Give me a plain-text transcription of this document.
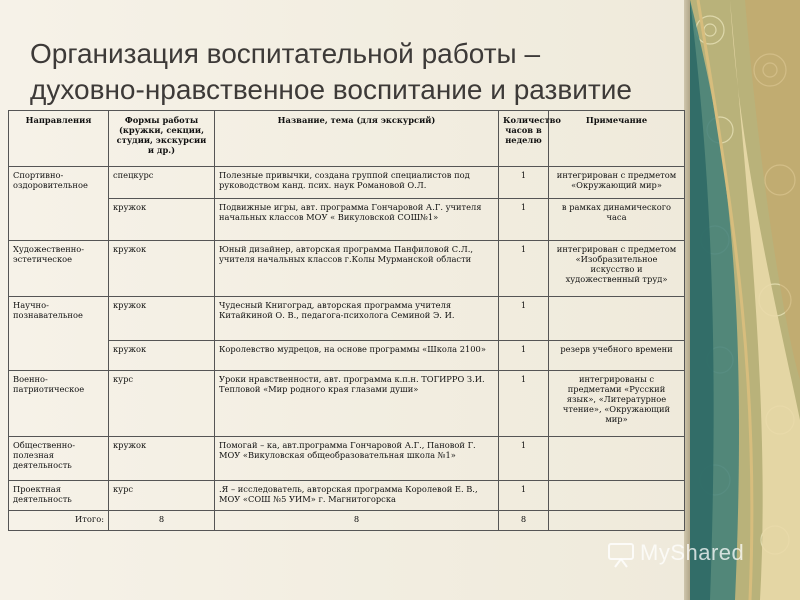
Организация воспитательной работы –
духовно-нравственное воспитание и развитие
Направления	Формы работы (кружки, секции, студии, экскурсии и др.)	Название, тема (для экскурсий)	Количество часов в неделю	Примечание
Спортивно-оздоровительное	спецкурс	Полезные привычки, создана группой специалистов под руководством канд. псих. наук Романовой О.Л.	1	интегрирован с предметом «Окружающий мир»
	кружок	Подвижные игры, авт. программа Гончаровой А.Г. учителя начальных классов МОУ « Викуловской СОШ№1»	1	в рамках динамического часа
Художественно-эстетическое	кружок	Юный дизайнер, авторская программа Панфиловой С.Л., учителя начальных классов г.Колы Мурманской области	1	интегрирован с предметом «Изобразительное искусство и художественный труд»
Научно-познавательное	кружок	Чудесный Книгоград, авторская программа учителя Китайкиной О. В., педагога-психолога Семиной Э. И.	1	
	кружок	Королевство мудрецов, на основе программы «Школа 2100»	1	резерв учебного времени
Военно-патриотическое	курс	Уроки нравственности, авт. программа к.п.н. ТОГИРРО З.И. Тепловой «Мир родного края глазами души»	1	интегрированы с предметами «Русский язык», «Литературное чтение», «Окружающий мир»
Общественно-полезная деятельность	кружок	Помогай – ка, авт.программа Гончаровой А.Г., Пановой Г. МОУ «Викуловская общеобразовательная школа №1»	1	
Проектная деятельность	курс	.Я – исследователь, авторская программа Королевой Е. В., МОУ «СОШ №5 УИМ» г. Магнитогорска	1	
Итого:	8	8	8	
MyShared
